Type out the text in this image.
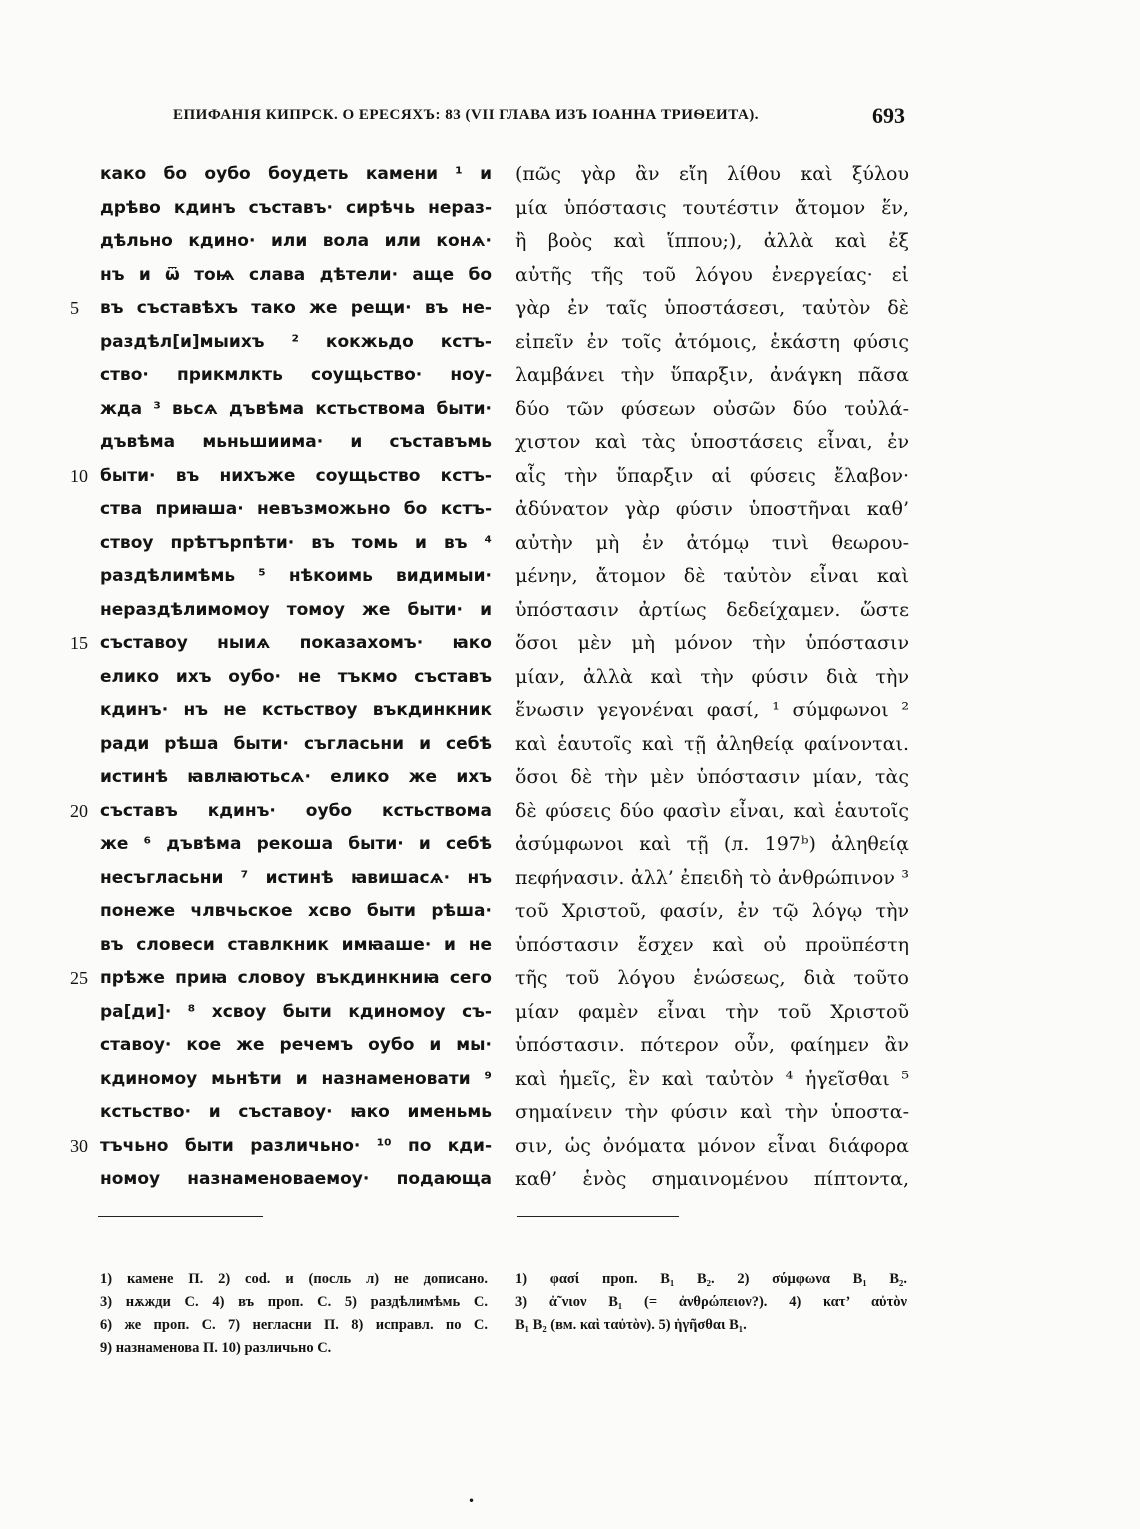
ЕПИФАНІЯ КИПРСК. О ЕРЕСЯХЪ: 83 (VII ГЛАВА ИЗЪ ІОАННА ТРИѲЕИТА).	693
како бо оубо боудеть камени ¹ и
дрѣво кдинъ съставъ· сирѣчь нераз-
дѣльно кдино· или вола или конѧ·
нъ и ѿ тоѩ слава дѣтели· аще бо
5	въ съставѣхъ тако же рещи· въ не-
раздѣл[и]мыихъ ² кокжьдо кстъ-
ство· прикмлкть соущьство· ноу-
жда ³ вьсѧ дъвѣма кстьствома быти·
дъвѣма мьньшиима· и съставъмь
10 быти· въ нихъже соущьство кстъ-
ства приꙗша· невъзможьно бо кстъ-
ствоу прѣтърпѣти· въ томь и въ ⁴
раздѣлимѣмь ⁵ нѣкоимь видимыи·
нераздѣлимомоу томоу же быти· и
15 съставоу ныиѧ показахомъ· ꙗко
елико ихъ оубо· не тъкмо съставъ
кдинъ· нъ не кстьствоу въкдинкник
ради рѣша быти· съгласьни и себѣ
истинѣ ꙗвлꙗютьсѧ· елико же ихъ
20 съставъ кдинъ· оубо кстьствома
же ⁶ дъвѣма рекоша быти· и себѣ
несъгласьни ⁷ истинѣ ꙗвишасѧ· нъ
понеже члвчьское хсво быти рѣша·
въ словеси ставлкник имꙗаше· и не
25 прѣже приꙗ словоу въкдинкниꙗ сего
ра[ди]· ⁸ хсвоу быти кдиномоу съ-
ставоу· кое же речемъ оубо и мы·
кдиномоу мьнѣти и назнаменовати ⁹
кстьство· и съставоу· ꙗко именьмь
30 тъчьно быти различьно· ¹⁰ по кди-
номоу назнаменоваемоу· подающа
(πῶς γὰρ ἂν εἴη λίθου καὶ ξύλου
μία ὑπόστασις τουτέστιν ἄτομον ἕν,
ἢ βοὸς καὶ ἵππου;), ἀλλὰ καὶ ἐξ
αὐτῆς τῆς τοῦ λόγου ἐνεργείας· εἰ
γὰρ ἐν ταῖς ὑποστάσεσι, ταὐτὸν δὲ
εἰπεῖν ἐν τοῖς ἀτόμοις, ἑκάστη φύσις
λαμβάνει τὴν ὕπαρξιν, ἀνάγκη πᾶσα
δύο τῶν φύσεων οὐσῶν δύο τοὐλά-
χιστον καὶ τὰς ὑποστάσεις εἶναι, ἐν
αἷς τὴν ὕπαρξιν αἱ φύσεις ἔλαβον·
ἀδύνατον γὰρ φύσιν ὑποστῆναι καθ’
αὐτὴν μὴ ἐν ἀτόμῳ τινὶ θεωρου-
μένην, ἄτομον δὲ ταὐτὸν εἶναι καὶ
ὑπόστασιν ἀρτίως δεδείχαμεν. ὥστε
ὅσοι μὲν μὴ μόνον τὴν ὑπόστασιν
μίαν, ἀλλὰ καὶ τὴν φύσιν διὰ τὴν
ἕνωσιν γεγονέναι φασί, ¹ σύμφωνοι ²
καὶ ἑαυτοῖς καὶ τῇ ἀληθείᾳ φαίνονται.
ὅσοι δὲ τὴν μὲν ὑπόστασιν μίαν, τὰς
δὲ φύσεις δύο φασὶν εἶναι, καὶ ἑαυτοῖς
ἀσύμφωνοι καὶ τῇ (л. 197ᵇ) ἀληθείᾳ
πεφήνασιν. ἀλλ’ ἐπειδὴ τὸ ἀνθρώπινον ³
τοῦ Χριστοῦ, φασίν, ἐν τῷ λόγῳ τὴν
ὑπόστασιν ἔσχεν καὶ οὐ προϋπέστη
τῆς τοῦ λόγου ἑνώσεως, διὰ τοῦτο
μίαν φαμὲν εἶναι τὴν τοῦ Χριστοῦ
ὑπόστασιν. πότερον οὖν, φαίημεν ἂν
καὶ ἡμεῖς, ἓν καὶ ταὐτὸν ⁴ ἡγεῖσθαι ⁵
σημαίνειν τὴν φύσιν καὶ τὴν ὑποστα-
σιν, ὡς ὀνόματα μόνον εἶναι διάφορα
καθ’ ἑνὸς σημαινομένου πίπτοντα,
1) камене П. 2) cod. и (посль л) не дописано.
3) нѫжди С. 4) въ проп. С. 5) раздѣлимѣмь С.
6) же проп. С. 7) негласни П. 8) исправл. по С.
9) назнаменова П. 10) различьно С.
1) φασί проп. B₁ B₂. 2) σύμφωνα B₁ B₂.
3) ἀ῀νιον B₁ (= ἀνθρώπειον?). 4) κατ’ αὐτὸν
B₁ B₂ (вм. καὶ ταὐτὸν). 5) ἡγῆσθαι B₁.
•
